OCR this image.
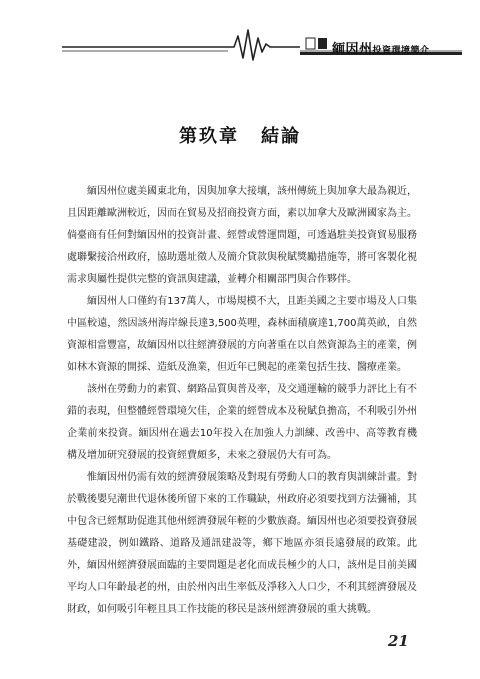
緬因州投資環境簡介
第玖章 結論

緬因州位處美國東北角，因與加拿大接壤，該州傳統上與加拿大最為親近，且因距離歐洲較近，因而在貿易及招商投資方面，素以加拿大及歐洲國家為主。倘臺商有任何對緬因州的投資計畫、經營或營運問題，可透過駐美投資貿易服務處聯繫接洽州政府，協助選址徵人及簡介貸款與稅賦獎勵措施等，將可客製化視需求與屬性提供完整的資訊與建議，並轉介相關部門與合作夥伴。

緬因州人口僅約有137萬人，市場規模不大，且距美國之主要市場及人口集中區較遠，然因該州海岸線長達3,500英哩，森林面積廣達1,700萬英畝，自然資源相當豐富，故緬因州以往經濟發展的方向著重在以自然資源為主的產業，例如林木資源的開採、造紙及漁業，但近年已興起的產業包括生技、醫療產業。

該州在勞動力的素質、網路品質與普及率，及交通運輸的競爭力評比上有不錯的表現，但整體經營環境欠佳，企業的經營成本及稅賦負擔高，不利吸引外州企業前來投資。緬因州在過去10年投入在加強人力訓練、改善中、高等教育機構及增加研究發展的投資經費頗多，未來之發展仍大有可為。

惟緬因州仍需有效的經濟發展策略及對現有勞動人口的教育與訓練計畫。對於戰後嬰兒潮世代退休後所留下來的工作職缺，州政府必須要找到方法彌補，其中包含已經幫助促進其他州經濟發展年輕的少數族裔。緬因州也必須要投資發展基礎建設，例如鐵路、道路及通訊建設等，鄉下地區亦須長遠發展的政策。此外，緬因州經濟發展面臨的主要問題是老化而成長極少的人口，該州是目前美國平均人口年齡最老的州，由於州內出生率低及淨移入人口少，不利其經濟發展及財政，如何吸引年輕且具工作技能的移民是該州經濟發展的重大挑戰。

21
